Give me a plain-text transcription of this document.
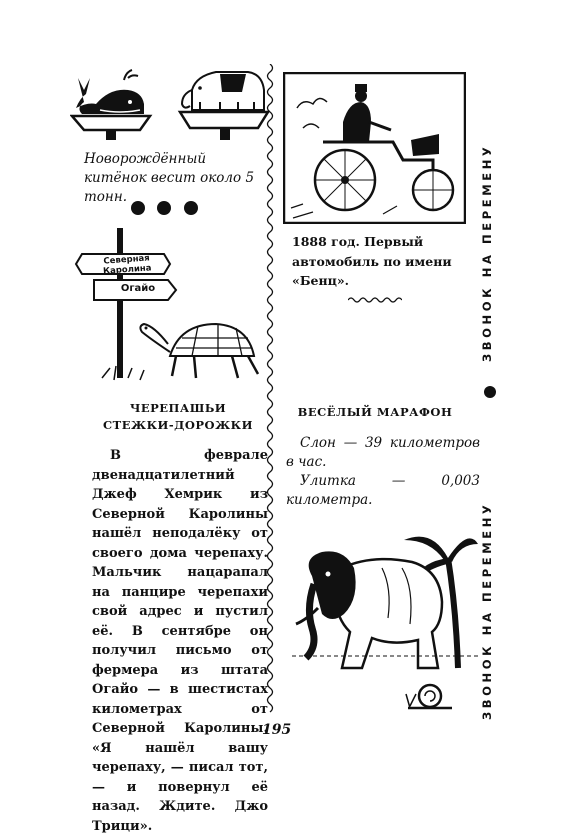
Новорождённый китёнок весит около 5 тонн.
Северная Каролина
Огайо
ЧЕРЕПАШЬИ
СТЕЖКИ-ДОРОЖКИ
В феврале двенадцатилетний Джеф Хемрик из Северной Каролины нашёл неподалёку от своего дома черепаху. Мальчик нацарапал на панцире черепахи свой адрес и пустил её. В сентябре он получил письмо от фермера из штата Огайо — в шестистах километрах от Северной Каролины. «Я нашёл вашу черепаху, — писал тот, — и повернул её назад. Ждите. Джо Трици».
1888 год. Первый автомобиль по имени «Бенц».
ВЕСЁЛЫЙ МАРАФОН
Слон — 39 километров в час.
Улитка — 0,003 километра.
ЗВОНОК НА ПЕРЕМЕНУ
ЗВОНОК НА ПЕРЕМЕНУ
195
